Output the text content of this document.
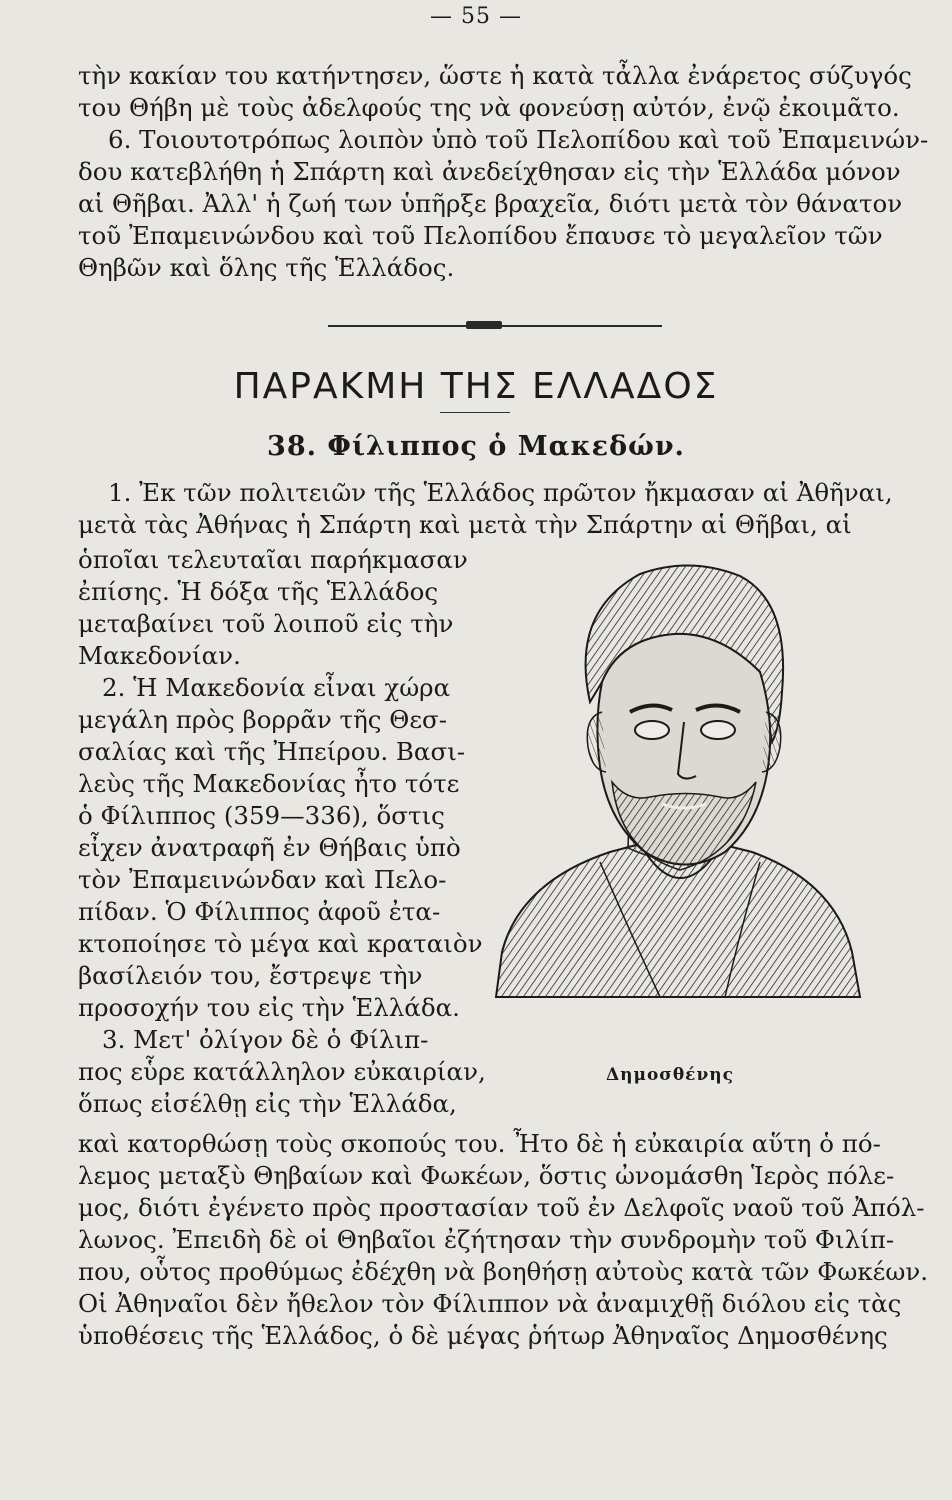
— 55 —
τὴν κακίαν του κατήντησεν, ὥστε ἡ κατὰ τἆλλα ἐνάρετος σύζυγός
του Θήβη μὲ τοὺς ἀδελφούς της νὰ φονεύσῃ αὐτόν, ἐνῷ ἐκοιμᾶτο.
6. Τοιουτοτρόπως λοιπὸν ὑπὸ τοῦ Πελοπίδου καὶ τοῦ Ἐπαμεινών-
δου κατεβλήθη ἡ Σπάρτη καὶ ἀνεδείχθησαν εἰς τὴν Ἑλλάδα μόνον
αἱ Θῆβαι. Ἀλλ' ἡ ζωή των ὑπῆρξε βραχεῖα, διότι μετὰ τὸν θάνατον
τοῦ Ἐπαμεινώνδου καὶ τοῦ Πελοπίδου ἔπαυσε τὸ μεγαλεῖον τῶν
Θηβῶν καὶ ὅλης τῆς Ἑλλάδος.
ΠΑΡΑΚΜΗ ΤΗΣ ΕΛΛΑΔΟΣ
38. Φίλιππος ὁ Μακεδών.
1. Ἐκ τῶν πολιτειῶν τῆς Ἑλλάδος πρῶτον ἤκμασαν αἱ Ἀθῆναι,
μετὰ τὰς Ἀθήνας ἡ Σπάρτη καὶ μετὰ τὴν Σπάρτην αἱ Θῆβαι, αἱ
ὁποῖαι τελευταῖαι παρήκμασαν
ἐπίσης. Ἡ δόξα τῆς Ἑλλάδος
μεταβαίνει τοῦ λοιποῦ εἰς τὴν
Μακεδονίαν.
2. Ἡ Μακεδονία εἶναι χώρα
μεγάλη πρὸς βορρᾶν τῆς Θεσ-
σαλίας καὶ τῆς Ἠπείρου. Βασι-
λεὺς τῆς Μακεδονίας ἦτο τότε
ὁ Φίλιππος (359—336), ὅστις
εἶχεν ἀνατραφῆ ἐν Θήβαις ὑπὸ
τὸν Ἐπαμεινώνδαν καὶ Πελο-
πίδαν. Ὁ Φίλιππος ἀφοῦ ἐτα-
κτοποίησε τὸ μέγα καὶ κραταιὸν
βασίλειόν του, ἔστρεψε τὴν
προσοχήν του εἰς τὴν Ἑλλάδα.
3. Μετ' ὀλίγον δὲ ὁ Φίλιπ-
πος εὗρε κατάλληλον εὐκαιρίαν,
ὅπως εἰσέλθῃ εἰς τὴν Ἑλλάδα,
Δημοσθένης
καὶ κατορθώσῃ τοὺς σκοπούς του. Ἦτο δὲ ἡ εὐκαιρία αὕτη ὁ πό-
λεμος μεταξὺ Θηβαίων καὶ Φωκέων, ὅστις ὠνομάσθη Ἱερὸς πόλε-
μος, διότι ἐγένετο πρὸς προστασίαν τοῦ ἐν Δελφοῖς ναοῦ τοῦ Ἀπόλ-
λωνος. Ἐπειδὴ δὲ οἱ Θηβαῖοι ἐζήτησαν τὴν συνδρομὴν τοῦ Φιλίπ-
που, οὗτος προθύμως ἐδέχθη νὰ βοηθήσῃ αὐτοὺς κατὰ τῶν Φωκέων.
Οἱ Ἀθηναῖοι δὲν ἤθελον τὸν Φίλιππον νὰ ἀναμιχθῇ διόλου εἰς τὰς
ὑποθέσεις τῆς Ἑλλάδος, ὁ δὲ μέγας ῥήτωρ Ἀθηναῖος Δημοσθένης
